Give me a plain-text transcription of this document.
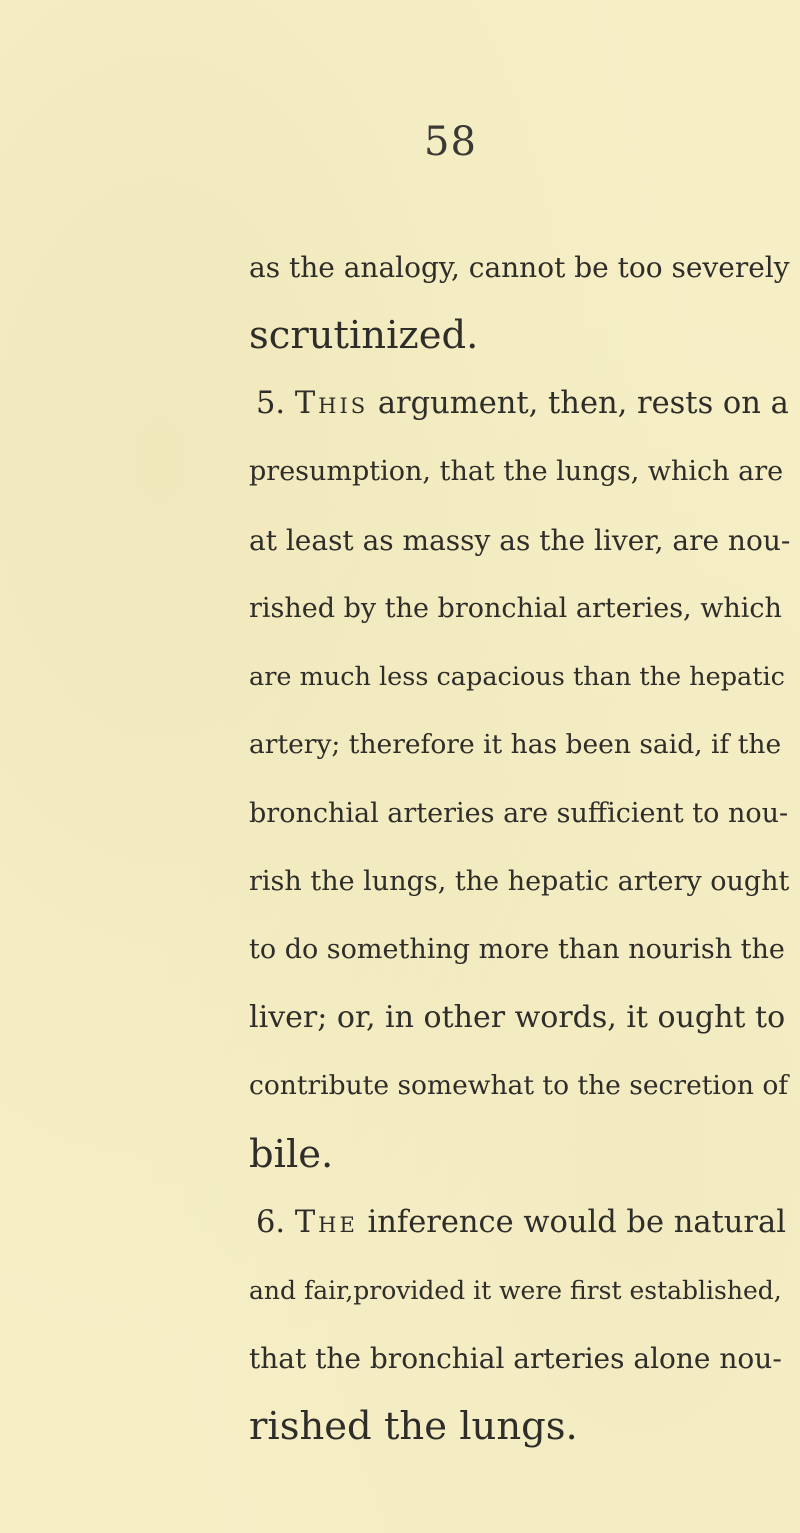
58
as the analogy, cannot be too severely
scrutinized.
5. This argument, then, rests on a
presumption, that the lungs, which are
at least as massy as the liver, are nou-
rished by the bronchial arteries, which
are much less capacious than the hepatic
artery; therefore it has been said, if the
bronchial arteries are sufficient to nou-
rish the lungs, the hepatic artery ought
to do something more than nourish the
liver; or, in other words, it ought to
contribute somewhat to the secretion of
bile.
6. The inference would be natural
and fair,provided it were first established,
that the bronchial arteries alone nou-
rished the lungs.
